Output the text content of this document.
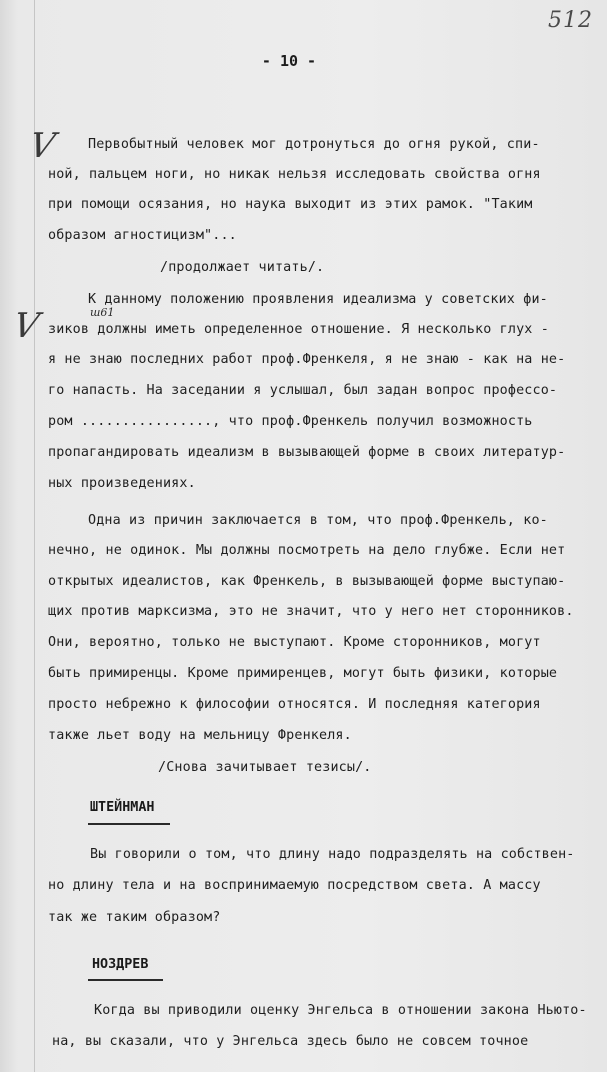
512
- 10 -
V
V	ш61
Первобытный человек мог дотронуться до огня рукой, спи-
ной, пальцем ноги, но никак нельзя исследовать свойства огня
при помощи осязания, но наука выходит из этих рамок. "Таким
образом агностицизм"...
/продолжает читать/.
К данному положению проявления идеализма у советских фи-
зиков должны иметь определенное отношение. Я несколько глух -
я не знаю последних работ проф.Френкеля, я не знаю - как на не-
го напасть. На заседании я услышал, был задан вопрос профессо-
ром ................, что проф.Френкель получил возможность
пропагандировать идеализм в вызывающей форме в своих литератур-
ных произведениях.
Одна из причин заключается в том, что проф.Френкель, ко-
нечно, не одинок. Мы должны посмотреть на дело глубже. Если нет
открытых идеалистов, как Френкель, в вызывающей форме выступаю-
щих против марксизма, это не значит, что у него нет сторонников.
Они, вероятно, только не выступают. Кроме сторонников, могут
быть примиренцы. Кроме примиренцев, могут быть физики, которые
просто небрежно к философии относятся. И последняя категория
также льет воду на мельницу Френкеля.
/Снова зачитывает тезисы/.
ШТЕЙНМАН
Вы говорили о том, что длину надо подразделять на собствен-
но длину тела и на воспринимаемую посредством света. А массу
так же таким образом?
НОЗДРЕВ
Когда вы приводили оценку Энгельса в отношении закона Ньюто-
на, вы сказали, что у Энгельса здесь было не совсем точное
